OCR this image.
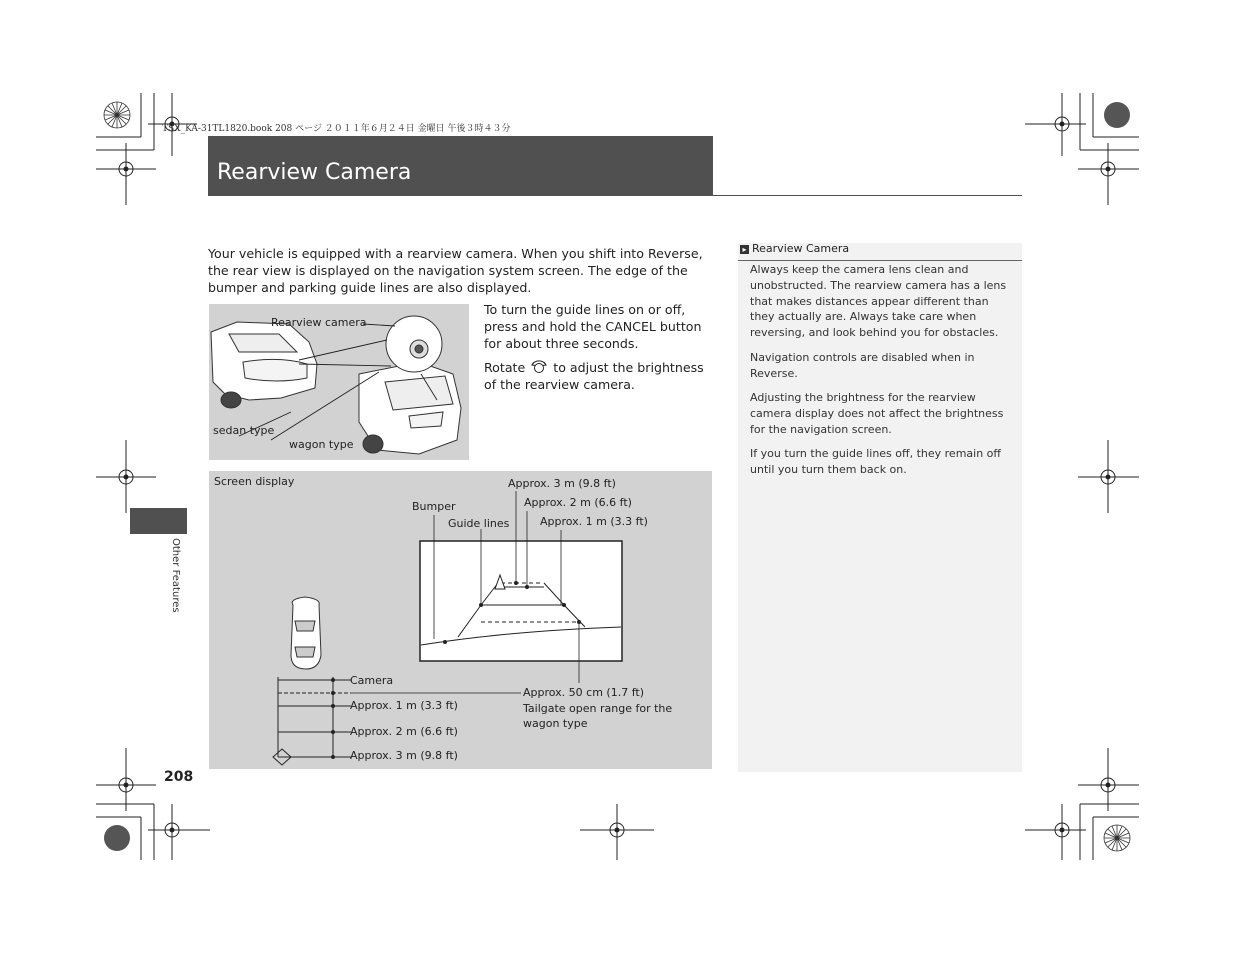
TSX_KA-31TL1820.book 208 ページ ２０１１年６月２４日 金曜日 午後３時４３分
Rearview Camera
Your vehicle is equipped with a rearview camera. When you shift into Reverse, the rear view is displayed on the navigation system screen. The edge of the bumper and parking guide lines are also displayed.
To turn the guide lines on or off, press and hold the CANCEL button for about three seconds.
Rotate to adjust the brightness of the rearview camera.
Rearview camera
sedan type
wagon type
Screen display
Bumper
Guide lines
Approx. 3 m (9.8 ft)
Approx. 2 m (6.6 ft)
Approx. 1 m (3.3 ft)
Camera
Approx. 1 m (3.3 ft)
Approx. 2 m (6.6 ft)
Approx. 3 m (9.8 ft)
Approx. 50 cm (1.7 ft)
Tailgate open range for the
wagon type
▸ Rearview Camera
Always keep the camera lens clean and unobstructed. The rearview camera has a lens that makes distances appear different than they actually are. Always take care when reversing, and look behind you for obstacles.
Navigation controls are disabled when in Reverse.
Adjusting the brightness for the rearview camera display does not affect the brightness for the navigation screen.
If you turn the guide lines off, they remain off until you turn them back on.
Other Features
208
